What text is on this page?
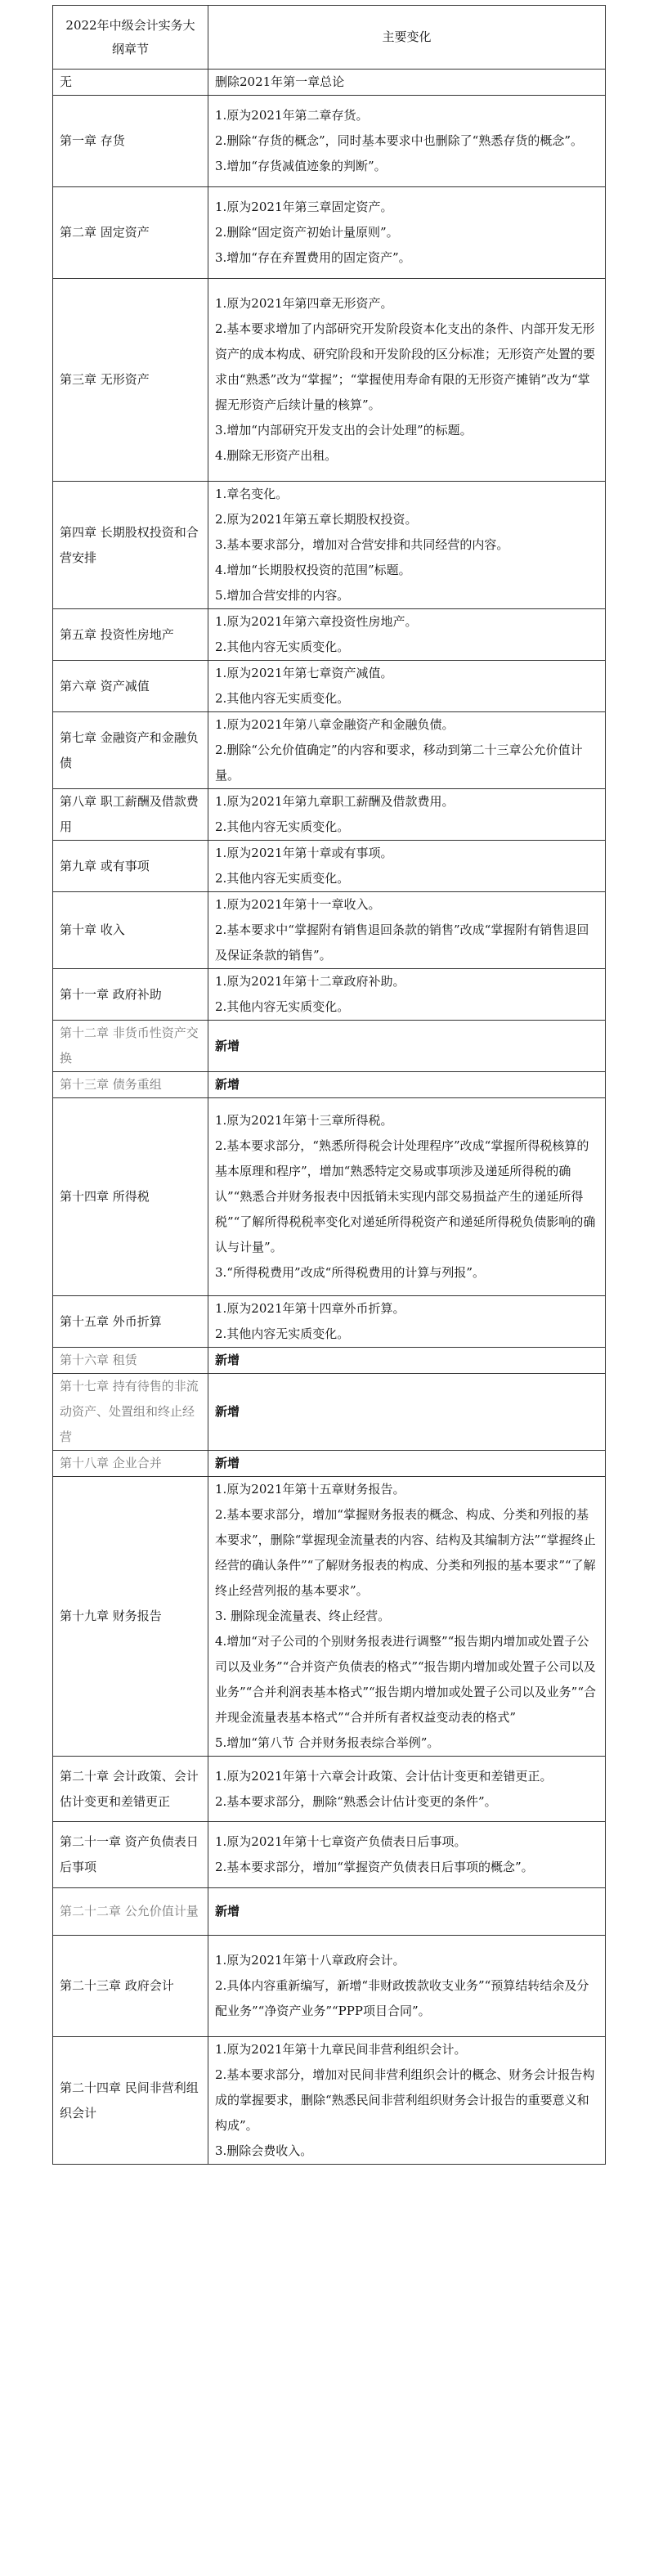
2022年中级会计实务大纲章节	主要变化
无	删除2021年第一章总论

第一章 存货	1.原为2021年第二章存货。
2.删除“存货的概念”，同时基本要求中也删除了“熟悉存货的概念”。
3.增加“存货减值迹象的判断”。

第二章 固定资产	1.原为2021年第三章固定资产。
2.删除“固定资产初始计量原则”。
3.增加“存在弃置费用的固定资产”。

第三章 无形资产	1.原为2021年第四章无形资产。
2.基本要求增加了内部研究开发阶段资本化支出的条件、内部开发无形资产的成本构成、研究阶段和开发阶段的区分标准；无形资产处置的要求由“熟悉”改为“掌握”；“掌握使用寿命有限的无形资产摊销”改为“掌握无形资产后续计量的核算”。
3.增加“内部研究开发支出的会计处理”的标题。
4.删除无形资产出租。

第四章 长期股权投资和合营安排	1.章名变化。
2.原为2021年第五章长期股权投资。
3.基本要求部分，增加对合营安排和共同经营的内容。
4.增加“长期股权投资的范围”标题。
5.增加合营安排的内容。

第五章 投资性房地产	1.原为2021年第六章投资性房地产。
2.其他内容无实质变化。

第六章 资产减值	1.原为2021年第七章资产减值。
2.其他内容无实质变化。

第七章 金融资产和金融负债	1.原为2021年第八章金融资产和金融负债。
2.删除“公允价值确定”的内容和要求，移动到第二十三章公允价值计量。

第八章 职工薪酬及借款费用	1.原为2021年第九章职工薪酬及借款费用。
2.其他内容无实质变化。

第九章 或有事项	1.原为2021年第十章或有事项。
2.其他内容无实质变化。

第十章 收入	1.原为2021年第十一章收入。
2.基本要求中“掌握附有销售退回条款的销售”改成“掌握附有销售退回及保证条款的销售”。

第十一章 政府补助	1.原为2021年第十二章政府补助。
2.其他内容无实质变化。

第十二章 非货币性资产交换	新增

第十三章 债务重组	新增

第十四章 所得税	1.原为2021年第十三章所得税。
2.基本要求部分，“熟悉所得税会计处理程序”改成“掌握所得税核算的基本原理和程序”，增加“熟悉特定交易或事项涉及递延所得税的确认”“熟悉合并财务报表中因抵销未实现内部交易损益产生的递延所得税”“了解所得税税率变化对递延所得税资产和递延所得税负债影响的确认与计量”。
3.“所得税费用”改成“所得税费用的计算与列报”。

第十五章 外币折算	1.原为2021年第十四章外币折算。
2.其他内容无实质变化。

第十六章 租赁	新增

第十七章 持有待售的非流动资产、处置组和终止经营	新增

第十八章 企业合并	新增

第十九章 财务报告	1.原为2021年第十五章财务报告。
2.基本要求部分，增加“掌握财务报表的概念、构成、分类和列报的基本要求”，删除“掌握现金流量表的内容、结构及其编制方法”“掌握终止经营的确认条件”“了解财务报表的构成、分类和列报的基本要求”“了解终止经营列报的基本要求”。
3. 删除现金流量表、终止经营。
4.增加“对子公司的个别财务报表进行调整”“报告期内增加或处置子公司以及业务”“合并资产负债表的格式”“报告期内增加或处置子公司以及业务”“合并利润表基本格式”“报告期内增加或处置子公司以及业务”“合并现金流量表基本格式”“合并所有者权益变动表的格式”
5.增加“第八节 合并财务报表综合举例”。

第二十章 会计政策、会计估计变更和差错更正	1.原为2021年第十六章会计政策、会计估计变更和差错更正。
2.基本要求部分，删除“熟悉会计估计变更的条件”。

第二十一章 资产负债表日后事项	1.原为2021年第十七章资产负债表日后事项。
2.基本要求部分，增加“掌握资产负债表日后事项的概念”。

第二十二章 公允价值计量	新增

第二十三章 政府会计	1.原为2021年第十八章政府会计。
2.具体内容重新编写，新增“非财政拨款收支业务”“预算结转结余及分配业务”“净资产业务”“PPP项目合同”。

第二十四章 民间非营利组织会计	1.原为2021年第十九章民间非营利组织会计。
2.基本要求部分，增加对民间非营利组织会计的概念、财务会计报告构成的掌握要求，删除“熟悉民间非营利组织财务会计报告的重要意义和构成”。
3.删除会费收入。
